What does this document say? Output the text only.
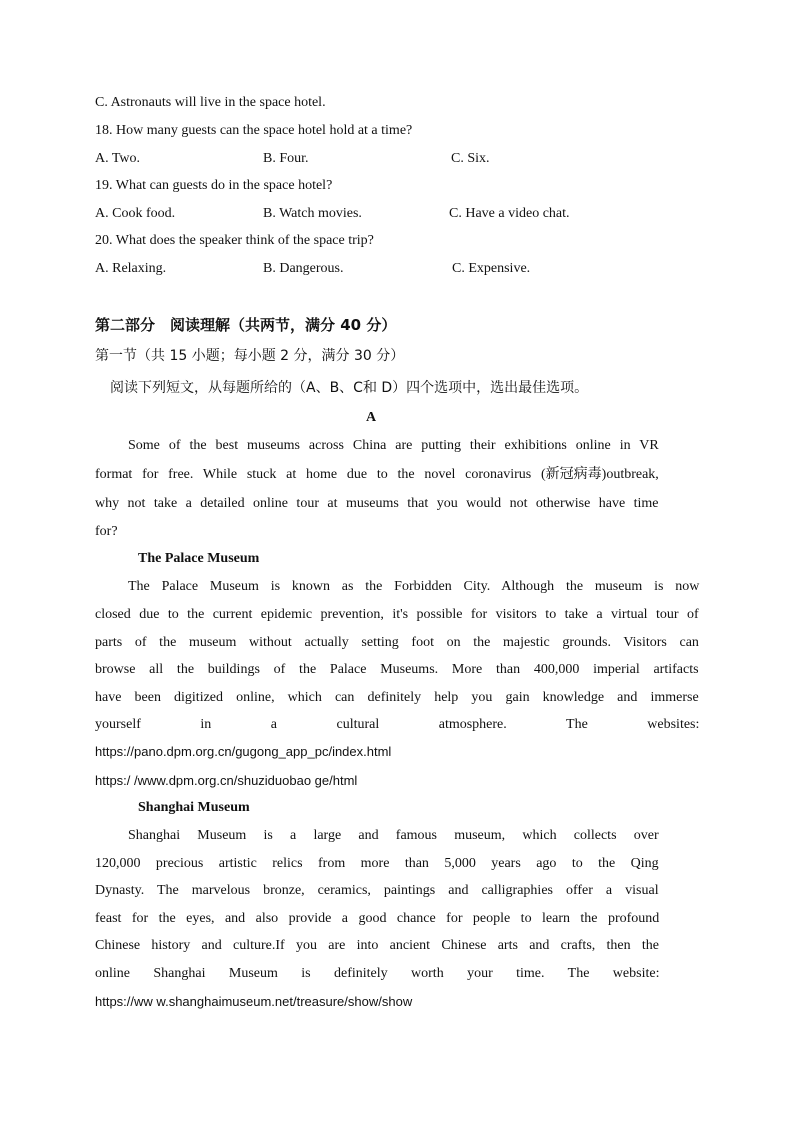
C. Astronauts will live in the space hotel.
18. How many guests can the space hotel hold at a time?
A. Two.	B. Four.	C. Six.
19. What can guests do in the space hotel?
A. Cook food.	B. Watch movies.	C. Have a video chat.
20. What does the speaker think of the space trip?
A. Relaxing.	B. Dangerous.	C. Expensive.
第二部分　阅读理解（共两节，满分 40 分）
第一节（共 15 小题；每小题 2 分，满分 30 分）
阅读下列短文，从每题所给的（A、B、C和 D）四个选项中，选出最佳选项。
A
Some of the best museums across China are putting their exhibitions online in VR
format for free. While stuck at home due to the novel coronavirus (新冠病毒)outbreak,
why not take a detailed online tour at museums that you would not otherwise have time
for?
The Palace Museum
The Palace Museum is known as the Forbidden City. Although the museum is now
closed due to the current epidemic prevention, it's possible for visitors to take a virtual tour of
parts of the museum without actually setting foot on the majestic grounds. Visitors can
browse all the buildings of the Palace Museums. More than 400,000 imperial artifacts
have been digitized online, which can definitely help you gain knowledge and immerse
yourself in a cultural atmosphere. The websites:
https://pano.dpm.org.cn/gugong_app_pc/index.html
https:/ /www.dpm.org.cn/shuziduobao ge/html
Shanghai Museum
Shanghai Museum is a large and famous museum, which collects over
120,000 precious artistic relics from more than 5,000 years ago to the Qing
Dynasty. The marvelous bronze, ceramics, paintings and calligraphies offer a visual
feast for the eyes, and also provide a good chance for people to learn the profound
Chinese history and culture.If you are into ancient Chinese arts and crafts, then the
online Shanghai Museum is definitely worth your time. The website:
https://ww w.shanghaimuseum.net/treasure/show/show
